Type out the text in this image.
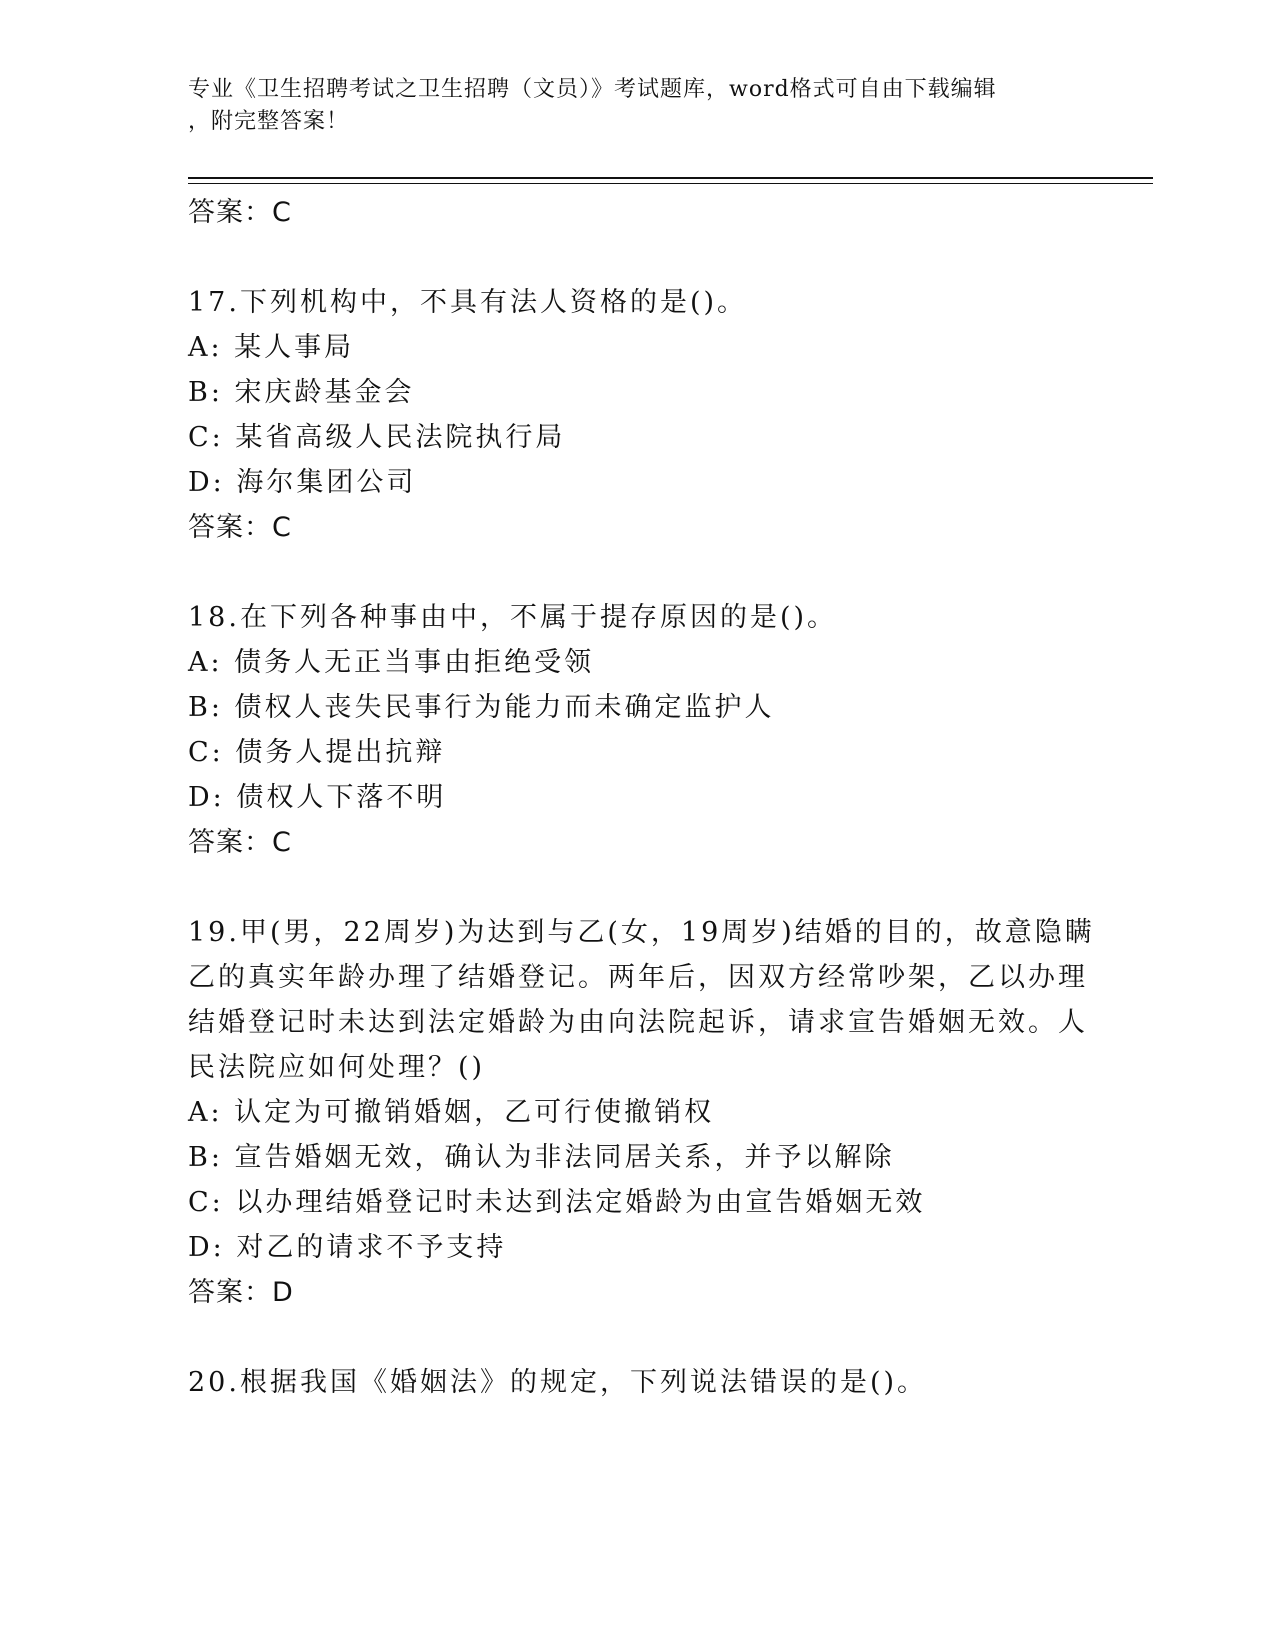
专业《卫生招聘考试之卫生招聘（文员）》考试题库，word格式可自由下载编辑
，附完整答案！
答案：C
17.下列机构中，不具有法人资格的是()。
A: 某人事局
B: 宋庆龄基金会
C: 某省高级人民法院执行局
D: 海尔集团公司
答案：C
18.在下列各种事由中，不属于提存原因的是()。
A: 债务人无正当事由拒绝受领
B: 债权人丧失民事行为能力而未确定监护人
C: 债务人提出抗辩
D: 债权人下落不明
答案：C
19.甲(男，22周岁)为达到与乙(女，19周岁)结婚的目的，故意隐瞒
乙的真实年龄办理了结婚登记。两年后，因双方经常吵架，乙以办理
结婚登记时未达到法定婚龄为由向法院起诉，请求宣告婚姻无效。人
民法院应如何处理？()
A: 认定为可撤销婚姻，乙可行使撤销权
B: 宣告婚姻无效，确认为非法同居关系，并予以解除
C: 以办理结婚登记时未达到法定婚龄为由宣告婚姻无效
D: 对乙的请求不予支持
答案：D
20.根据我国《婚姻法》的规定，下列说法错误的是()。
